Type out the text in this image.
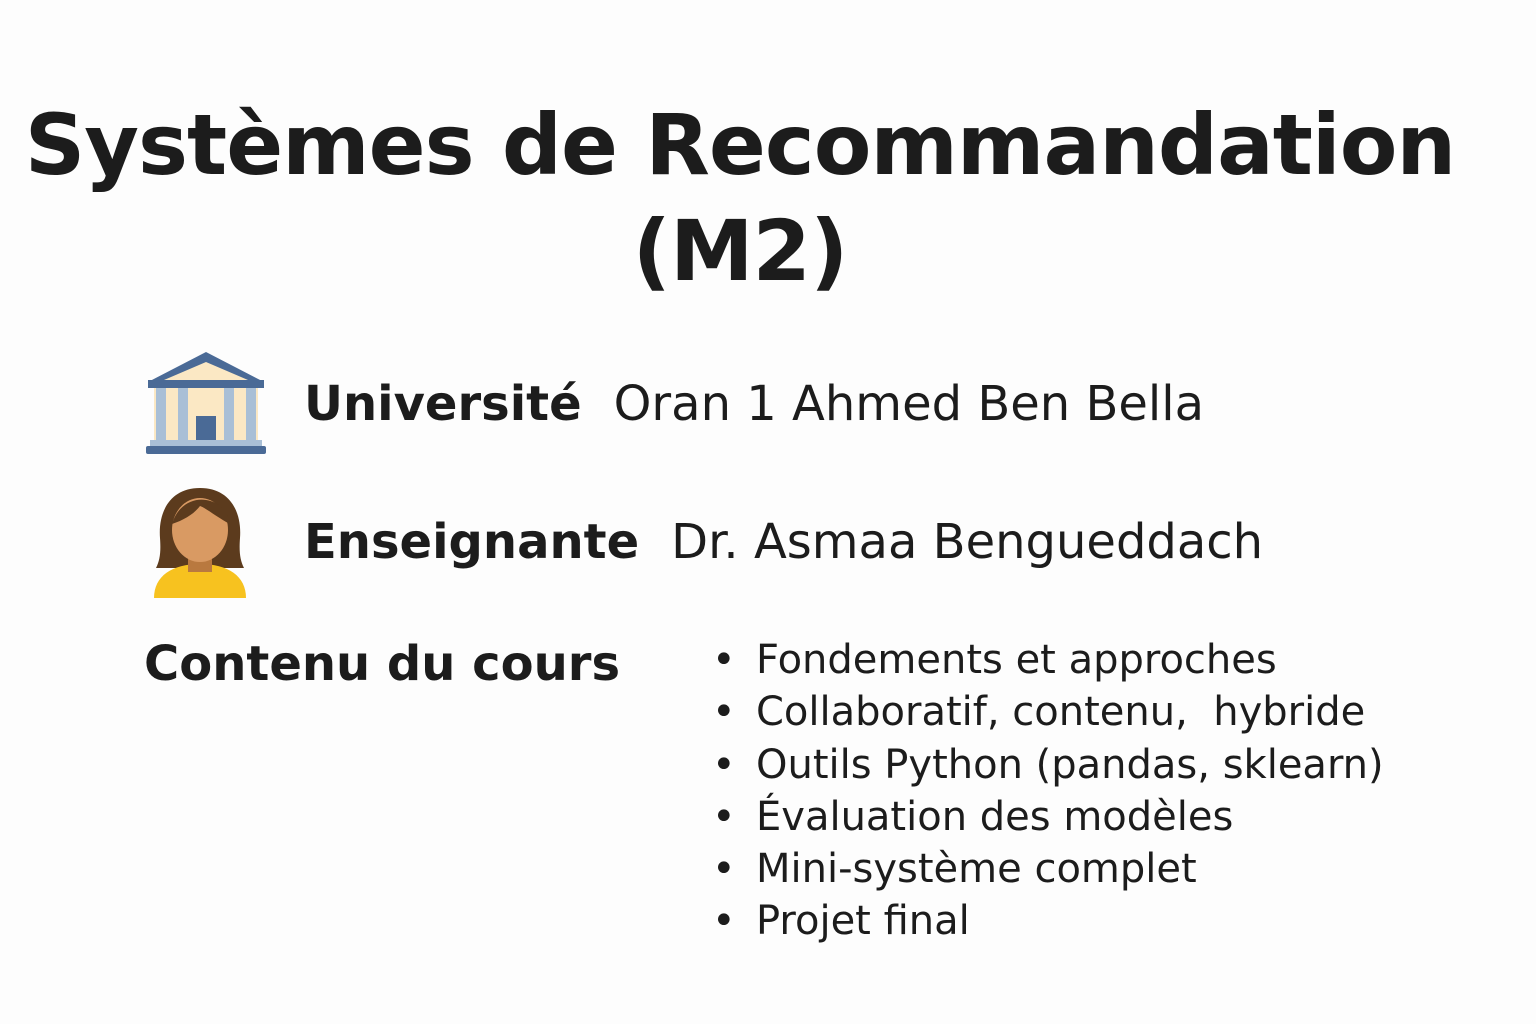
Systèmes de Recommandation
(M2)
Université Oran 1 Ahmed Ben Bella
Enseignante Dr. Asmaa Bengueddach
Contenu du cours • Fondements et approches
• Collaboratif, contenu,  hybride
• Outils Python (pandas, sklearn)
• Évaluation des modèles
• Mini-système complet
• Projet final
